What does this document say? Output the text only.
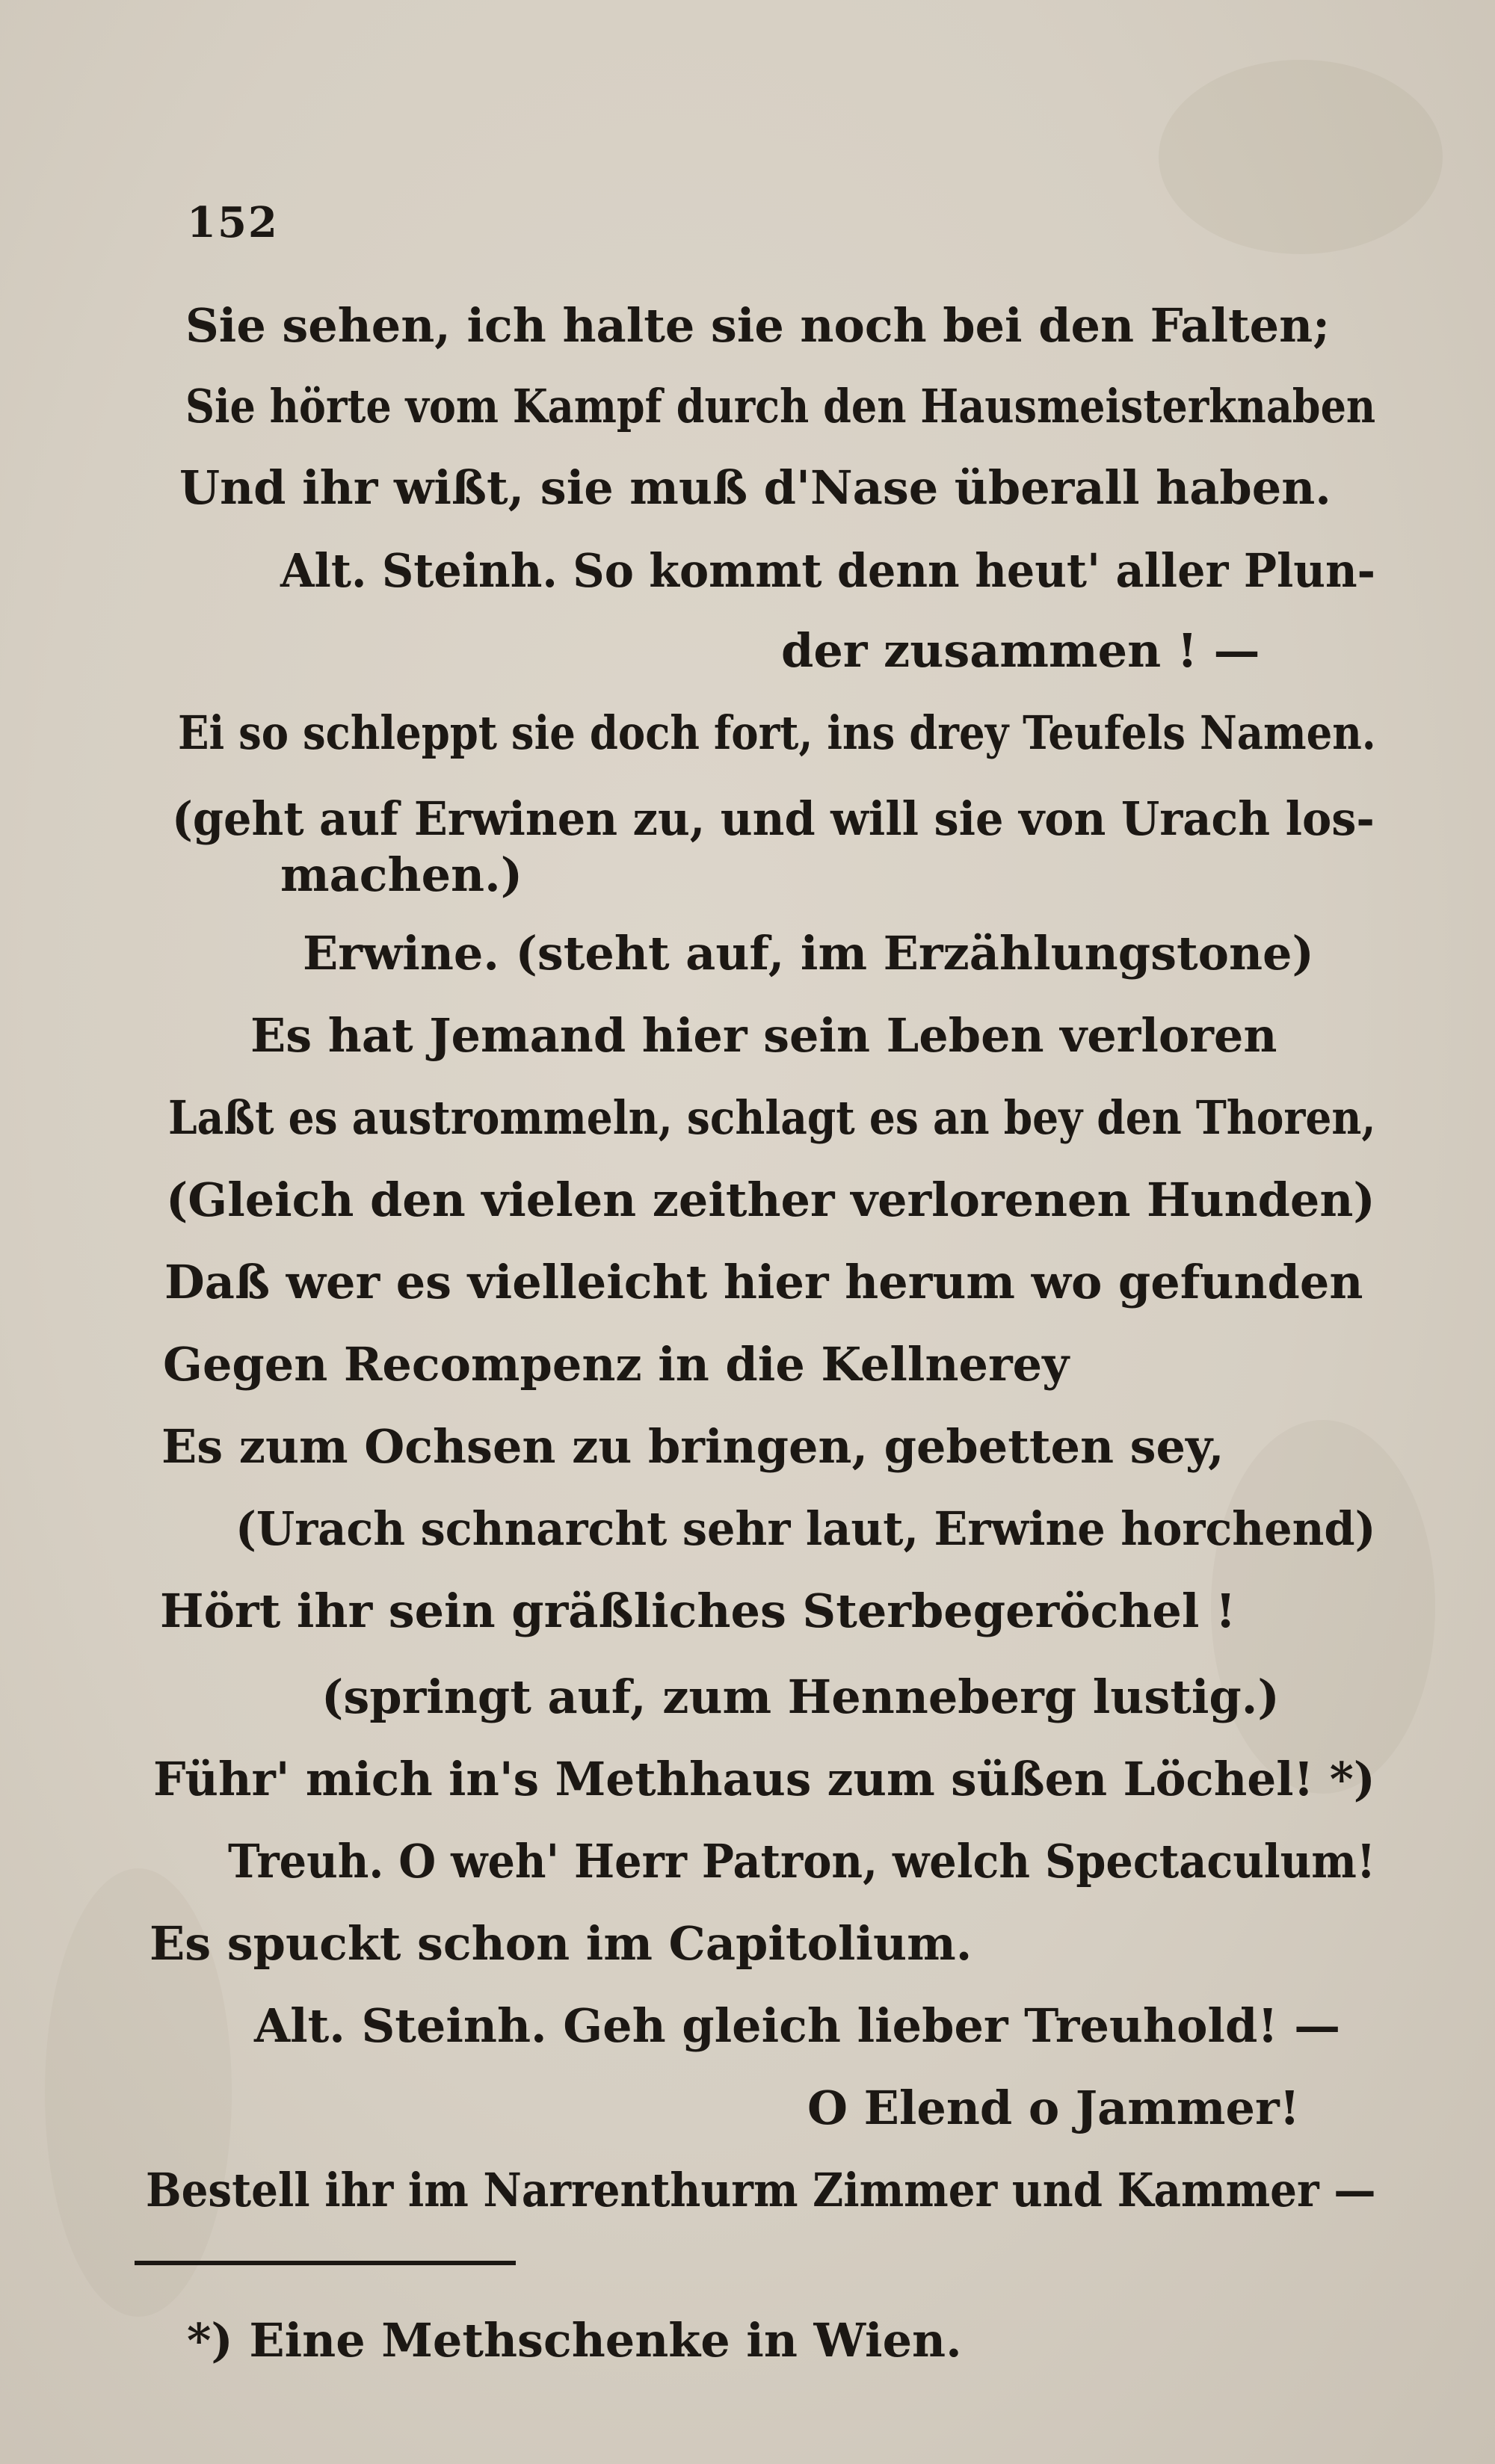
152
Sie sehen, ich halte sie noch bei den Falten;
Sie hörte vom Kampf durch den Hausmeisterknaben
Und ihr wißt, sie muß d'Nase überall haben.
Alt. Steinh. So kommt denn heut' aller Plun-
der zusammen ! —
Ei so schleppt sie doch fort, ins drey Teufels Namen.
(geht auf Erwinen zu, und will sie von Urach los-
machen.)
Erwine. (steht auf, im Erzählungstone)
Es hat Jemand hier sein Leben verloren
Laßt es austrommeln, schlagt es an bey den Thoren,
(Gleich den vielen zeither verlorenen Hunden)
Daß wer es vielleicht hier herum wo gefunden
Gegen Recompenz in die Kellnerey
Es zum Ochsen zu bringen, gebetten sey,
(Urach schnarcht sehr laut, Erwine horchend)
Hört ihr sein gräßliches Sterbegeröchel !
(springt auf, zum Henneberg lustig.)
Führ' mich in's Methhaus zum süßen Löchel! *)
Treuh. O weh' Herr Patron, welch Spectaculum!
Es spuckt schon im Capitolium.
Alt. Steinh. Geh gleich lieber Treuhold! —
O Elend o Jammer!
Bestell ihr im Narrenthurm Zimmer und Kammer —
*) Eine Methschenke in Wien.
